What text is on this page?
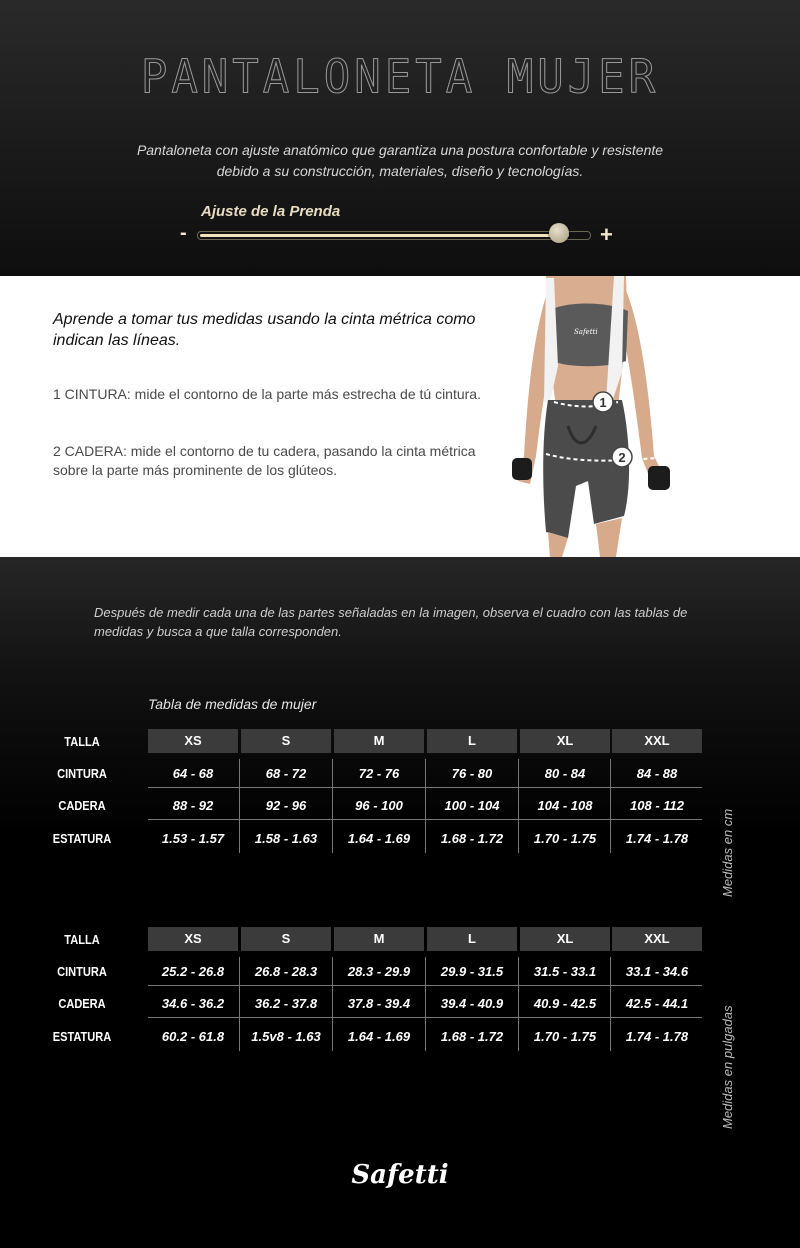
PANTALONETA MUJER
Pantaloneta con ajuste anatómico que garantiza una postura confortable y resistente debido a su construcción, materiales, diseño y tecnologías.
Ajuste de la Prenda
-	+
Aprende a tomar tus medidas usando la cinta métrica como indican las líneas.

1 CINTURA: mide el contorno de la parte más estrecha de tú cintura.

2 CADERA: mide el contorno de tu cadera, pasando la cinta métrica sobre la parte más prominente de los glúteos.

Safetti
1
2
Después de medir cada una de las partes señaladas en la imagen, observa el cuadro con las tablas de medidas y busca a que talla corresponden.
Tabla de medidas de mujer
TALLA	XS	S	M	L	XL	XXL
CINTURA	64 - 68	68 - 72	72 - 76	76 - 80	80 - 84	84 - 88
CADERA	88 - 92	92 - 96	96 - 100	100 - 104	104 - 108	108 - 112
ESTATURA	1.53 - 1.57	1.58 - 1.63	1.64 - 1.69	1.68 - 1.72	1.70 - 1.75	1.74 - 1.78	Medidas en cm
TALLA	XS	S	M	L	XL	XXL
CINTURA	25.2 - 26.8	26.8 - 28.3	28.3 - 29.9	29.9 - 31.5	31.5 - 33.1	33.1 - 34.6
CADERA	34.6 - 36.2	36.2 - 37.8	37.8 - 39.4	39.4 - 40.9	40.9 - 42.5	42.5 - 44.1
ESTATURA	60.2 - 61.8	1.5v8 - 1.63	1.64 - 1.69	1.68 - 1.72	1.70 - 1.75	1.74 - 1.78	Medidas en pulgadas
Safetti
